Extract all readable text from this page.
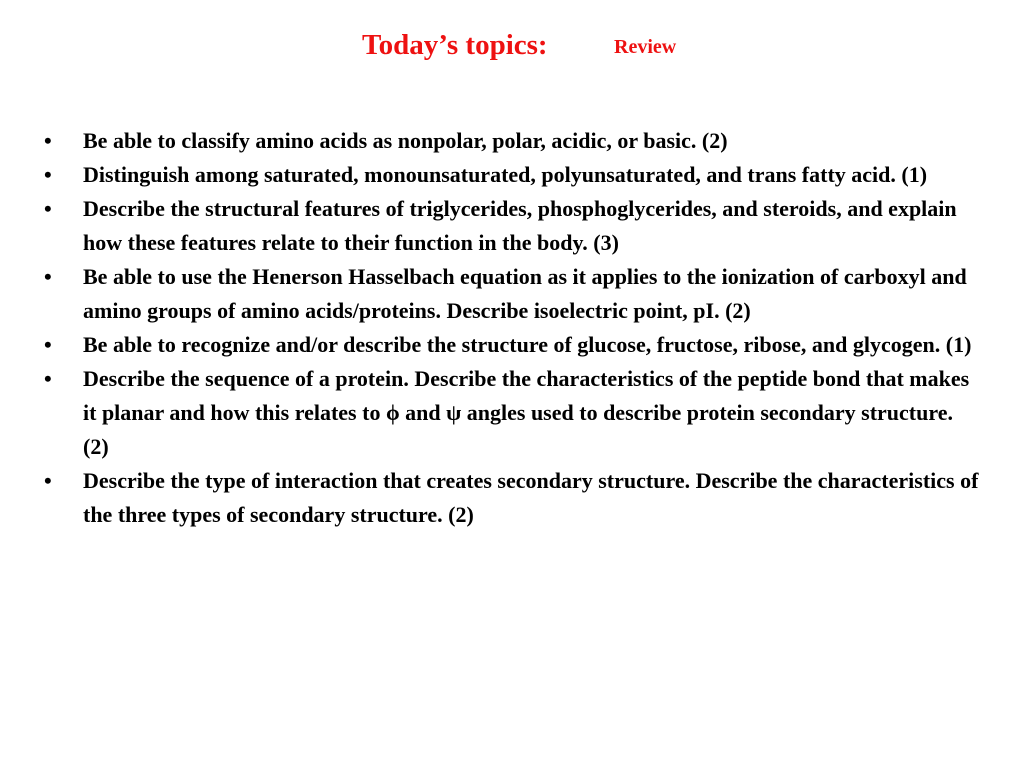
Today’s topics:	Review
•	Be able to classify amino acids as nonpolar, polar, acidic, or basic. (2)
•	Distinguish among saturated, monounsaturated, polyunsaturated, and trans fatty acid. (1)
•	Describe the structural features of triglycerides, phosphoglycerides, and steroids, and explain how these features relate to their function in the body. (3)
•	Be able to use the Henerson Hasselbach equation as it applies to the ionization of carboxyl and amino groups of amino acids/proteins. Describe isoelectric point, pI. (2)
•	Be able to recognize and/or describe the structure of glucose, fructose, ribose, and glycogen. (1)
•	Describe the sequence of a protein. Describe the characteristics of the peptide bond that makes it planar and how this relates to ϕ and ψ angles used to describe protein secondary structure. (2)
•	Describe the type of interaction that creates secondary structure. Describe the characteristics of the three types of secondary structure. (2)
